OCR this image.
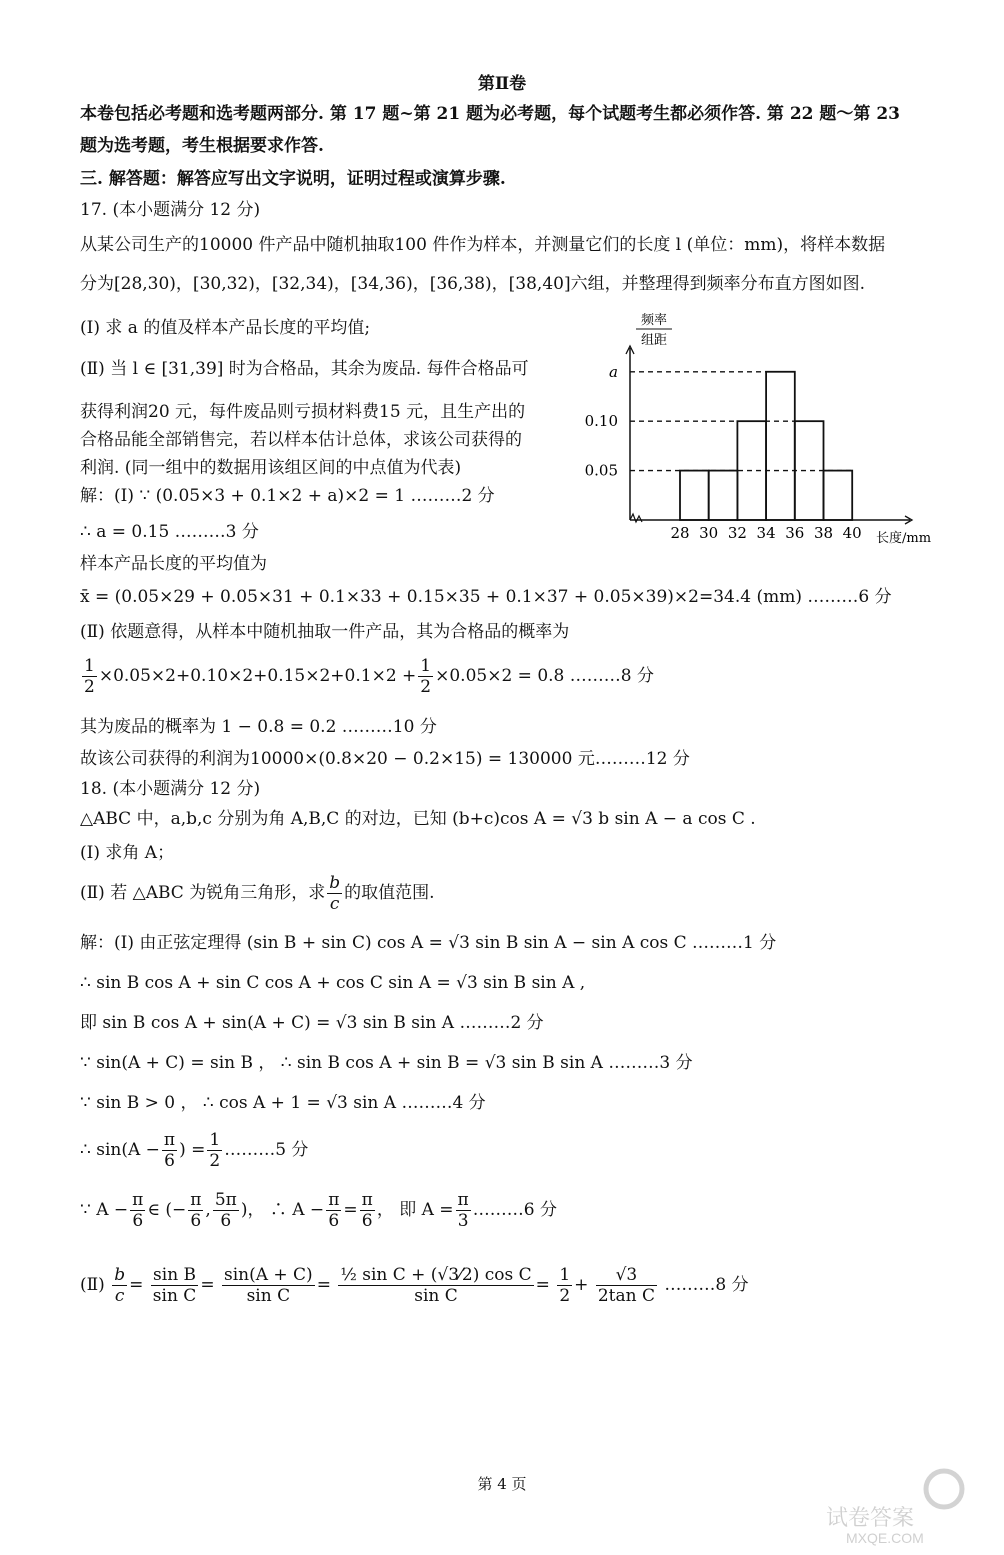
第Ⅱ卷
本卷包括必考题和选考题两部分. 第 17 题~第 21 题为必考题，每个试题考生都必须作答. 第 22 题～第 23
题为选考题，考生根据要求作答.
三. 解答题：解答应写出文字说明，证明过程或演算步骤.
17. (本小题满分 12 分)
从某公司生产的10000 件产品中随机抽取100 件作为样本，并测量它们的长度 l (单位：mm)，将样本数据
分为[28,30)，[30,32)，[32,34)，[34,36)，[36,38)，[38,40]六组，并整理得到频率分布直方图如图.
(Ⅰ) 求 a 的值及样本产品长度的平均值;
(Ⅱ) 当 l ∈ [31,39] 时为合格品，其余为废品. 每件合格品可
获得利润20 元，每件废品则亏损材料费15 元，且生产出的
合格品能全部销售完，若以样本估计总体，求该公司获得的
利润. (同一组中的数据用该组区间的中点值为代表)
解：(Ⅰ) ∵ (0.05×3 + 0.1×2 + a)×2 = 1 ………2 分
∴ a = 0.15 ………3 分
样本产品长度的平均值为
x̄ = (0.05×29 + 0.05×31 + 0.1×33 + 0.15×35 + 0.1×37 + 0.05×39)×2=34.4 (mm) ………6 分
(Ⅱ) 依题意得，从样本中随机抽取一件产品，其为合格品的概率为
$\frac{1}{2} \times 0.05\times 2+0.10\times 2+0.15\times 2+0.1\times 2 + \frac{1}{2} \times 0.05\times 2 = 0.8$ ………8 分
其为废品的概率为 1 − 0.8 = 0.2 ………10 分
故该公司获得的利润为10000×(0.8×20 − 0.2×15) = 130000 元………12 分
频率
组距
a
0.10
0.05
28 30 32 34 36 38 40 长度/mm
18. (本小题满分 12 分)
△ABC 中，a,b,c 分别为角 A,B,C 的对边，已知 (b+c)cos A = √3 b sin A − a cos C .
(Ⅰ) 求角 A；
(Ⅱ) 若 △ABC 为锐角三角形，求 $\frac{b}{c}$ 的取值范围.
解：(Ⅰ) 由正弦定理得 (sin B + sin C) cos A = √3 sin B sin A − sin A cos C ………1 分
∴ sin B cos A + sin C cos A + cos C sin A = √3 sin B sin A ,
即 sin B cos A + sin(A + C) = √3 sin B sin A ………2 分
∵ sin(A + C) = sin B ， ∴ sin B cos A + sin B = √3 sin B sin A ………3 分
∵ sin B > 0 ， ∴ cos A + 1 = √3 sin A ………4 分
∴ $\sin(A - \frac{\pi}{6}$ ) = $\frac{1}{2}$ ………5 分
∵ $A - \frac{\pi}{6}$ ∈ (− $\frac{\pi}{6}$ , $\frac{5\pi}{6}$ )， ∴ $A - \frac{\pi}{6} = \frac{\pi}{6}$ ， 即 $A = \frac{\pi}{3}$ ………6 分
(Ⅱ) $\frac{b}{c} = \frac{\text{sin B}}{\text{sin C}} = \frac{\sin(A + C)}{\text{sin C}} = \frac{\text{½ sin C + (√3⁄2) cos C}}{\text{sin C}} = \frac{1}{2} + \frac{√3}{\text{2tan C}}$ ………8 分
第 4 页
试卷答案
MXQE.COM
